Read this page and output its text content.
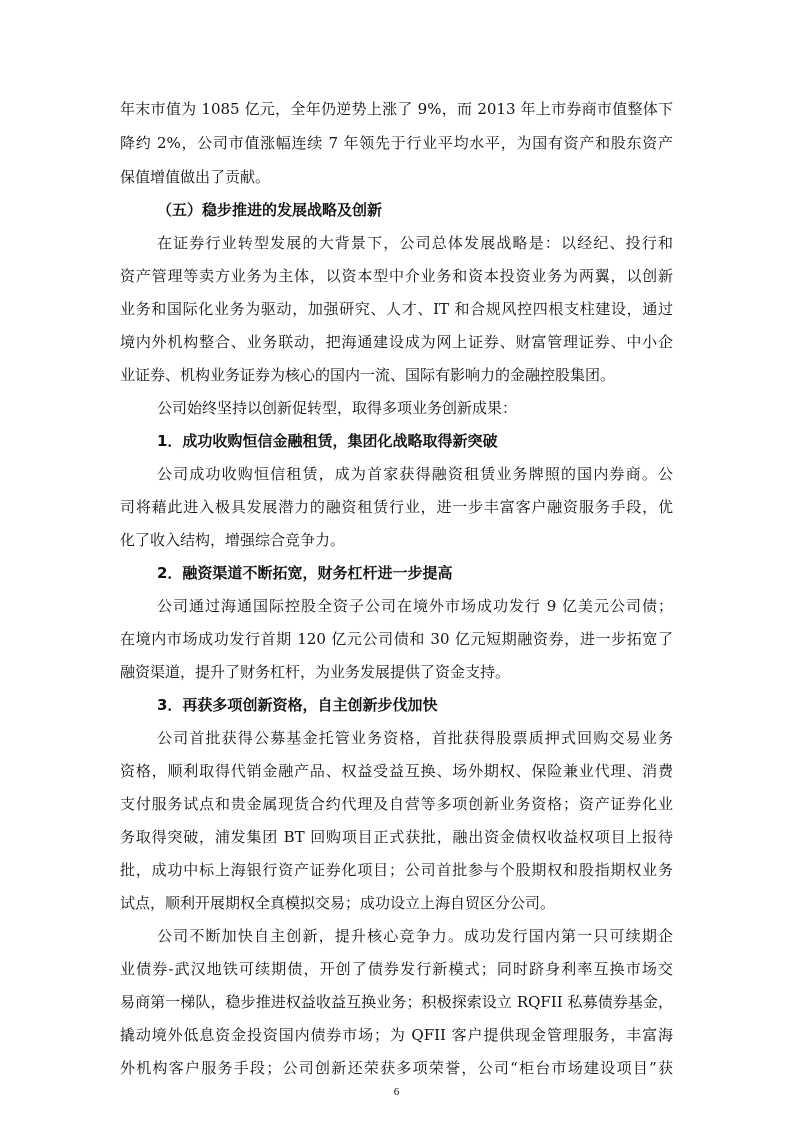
年末市值为 1085 亿元，全年仍逆势上涨了 9%，而 2013 年上市券商市值整体下
降约 2%，公司市值涨幅连续 7 年领先于行业平均水平，为国有资产和股东资产
保值增值做出了贡献。
（五）稳步推进的发展战略及创新
在证券行业转型发展的大背景下，公司总体发展战略是：以经纪、投行和
资产管理等卖方业务为主体，以资本型中介业务和资本投资业务为两翼，以创新
业务和国际化业务为驱动，加强研究、人才、IT 和合规风控四根支柱建设，通过
境内外机构整合、业务联动，把海通建设成为网上证券、财富管理证券、中小企
业证券、机构业务证券为核心的国内一流、国际有影响力的金融控股集团。
公司始终坚持以创新促转型，取得多项业务创新成果：
1．成功收购恒信金融租赁，集团化战略取得新突破
公司成功收购恒信租赁，成为首家获得融资租赁业务牌照的国内券商。公
司将藉此进入极具发展潜力的融资租赁行业，进一步丰富客户融资服务手段，优
化了收入结构，增强综合竞争力。
2．融资渠道不断拓宽，财务杠杆进一步提高
公司通过海通国际控股全资子公司在境外市场成功发行 9 亿美元公司债；
在境内市场成功发行首期 120 亿元公司债和 30 亿元短期融资券，进一步拓宽了
融资渠道，提升了财务杠杆，为业务发展提供了资金支持。
3．再获多项创新资格，自主创新步伐加快
公司首批获得公募基金托管业务资格，首批获得股票质押式回购交易业务
资格，顺利取得代销金融产品、权益受益互换、场外期权、保险兼业代理、消费
支付服务试点和贵金属现货合约代理及自营等多项创新业务资格；资产证券化业
务取得突破，浦发集团 BT 回购项目正式获批，融出资金债权收益权项目上报待
批，成功中标上海银行资产证券化项目；公司首批参与个股期权和股指期权业务
试点，顺利开展期权全真模拟交易；成功设立上海自贸区分公司。
公司不断加快自主创新，提升核心竞争力。成功发行国内第一只可续期企
业债券-武汉地铁可续期债，开创了债券发行新模式；同时跻身利率互换市场交
易商第一梯队，稳步推进权益收益互换业务；积极探索设立 RQFII 私募债券基金，
撬动境外低息资金投资国内债券市场；为 QFII 客户提供现金管理服务，丰富海
外机构客户服务手段；公司创新还荣获多项荣誉，公司“柜台市场建设项目”获
6
